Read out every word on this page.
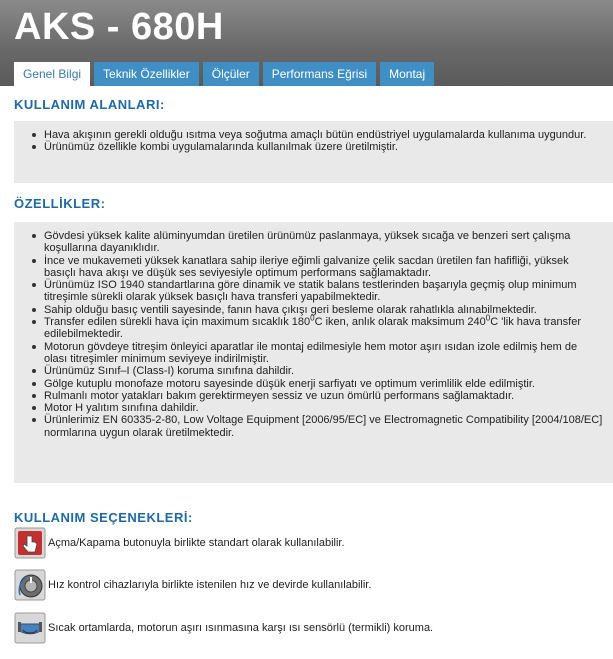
AKS - 680H
Genel Bilgi	Teknik Özellikler	Ölçüler	Performans Eğrisi	Montaj
KULLANIM ALANLARI:
Hava akışının gerekli olduğu ısıtma veya soğutma amaçlı bütün endüstriyel uygulamalarda kullanıma uygundur.
Ürünümüz özellikle kombi uygulamalarında kullanılmak üzere üretilmiştir.
ÖZELLİKLER:
Gövdesi yüksek kalite alüminyumdan üretilen ürünümüz paslanmaya, yüksek sıcağa ve benzeri sert çalışma koşullarına dayanıklıdır.
İnce ve mukavemeti yüksek kanatlara sahip ileriye eğimli galvanize çelik sacdan üretilen fan hafifliği, yüksek basıçlı hava akışı ve düşük ses seviyesiyle optimum performans sağlamaktadır.
Ürünümüz ISO 1940 standartlarına göre dinamik ve statik balans testlerinden başarıyla geçmiş olup minimum titreşimle sürekli olarak yüksek basıçlı hava transferi yapabilmektedir.
Sahip olduğu basıç ventili sayesinde, fanın hava çıkışı geri besleme olarak rahatlıkla alınabilmektedir.
Transfer edilen sürekli hava için maximum sıcaklık $180^0C$ iken, anlık olarak maksimum $240^0C$ 'lik hava transfer edilebilmektedir.
Motorun gövdeye titreşim önleyici aparatlar ile montaj edilmesiyle hem motor aşırı ısıdan izole edilmiş hem de olası titreşimler minimum seviyeye indirilmiştir.
Ürünümüz Sınıf–I (Class-I) koruma sınıfına dahildir.
Gölge kutuplu monofaze motoru sayesinde düşük enerji sarfiyatı ve optimum verimlilik elde edilmiştir.
Rulmanlı motor yatakları bakım gerektirmeyen sessiz ve uzun ömürlü performans sağlamaktadır.
Motor H yalıtım sınıfına dahildir.
Ürünlerimiz EN 60335-2-80, Low Voltage Equipment [2006/95/EC] ve Electromagnetic Compatibility [2004/108/EC] normlarına uygun olarak üretilmektedir.
KULLANIM SEÇENEKLERİ:
Açma/Kapama butonuyla birlikte standart olarak kullanılabilir.
Hız kontrol cihazlarıyla birlikte istenilen hız ve devirde kullanılabilir.
Sıcak ortamlarda, motorun aşırı ısınmasına karşı ısı sensörlü (termikli) koruma.
